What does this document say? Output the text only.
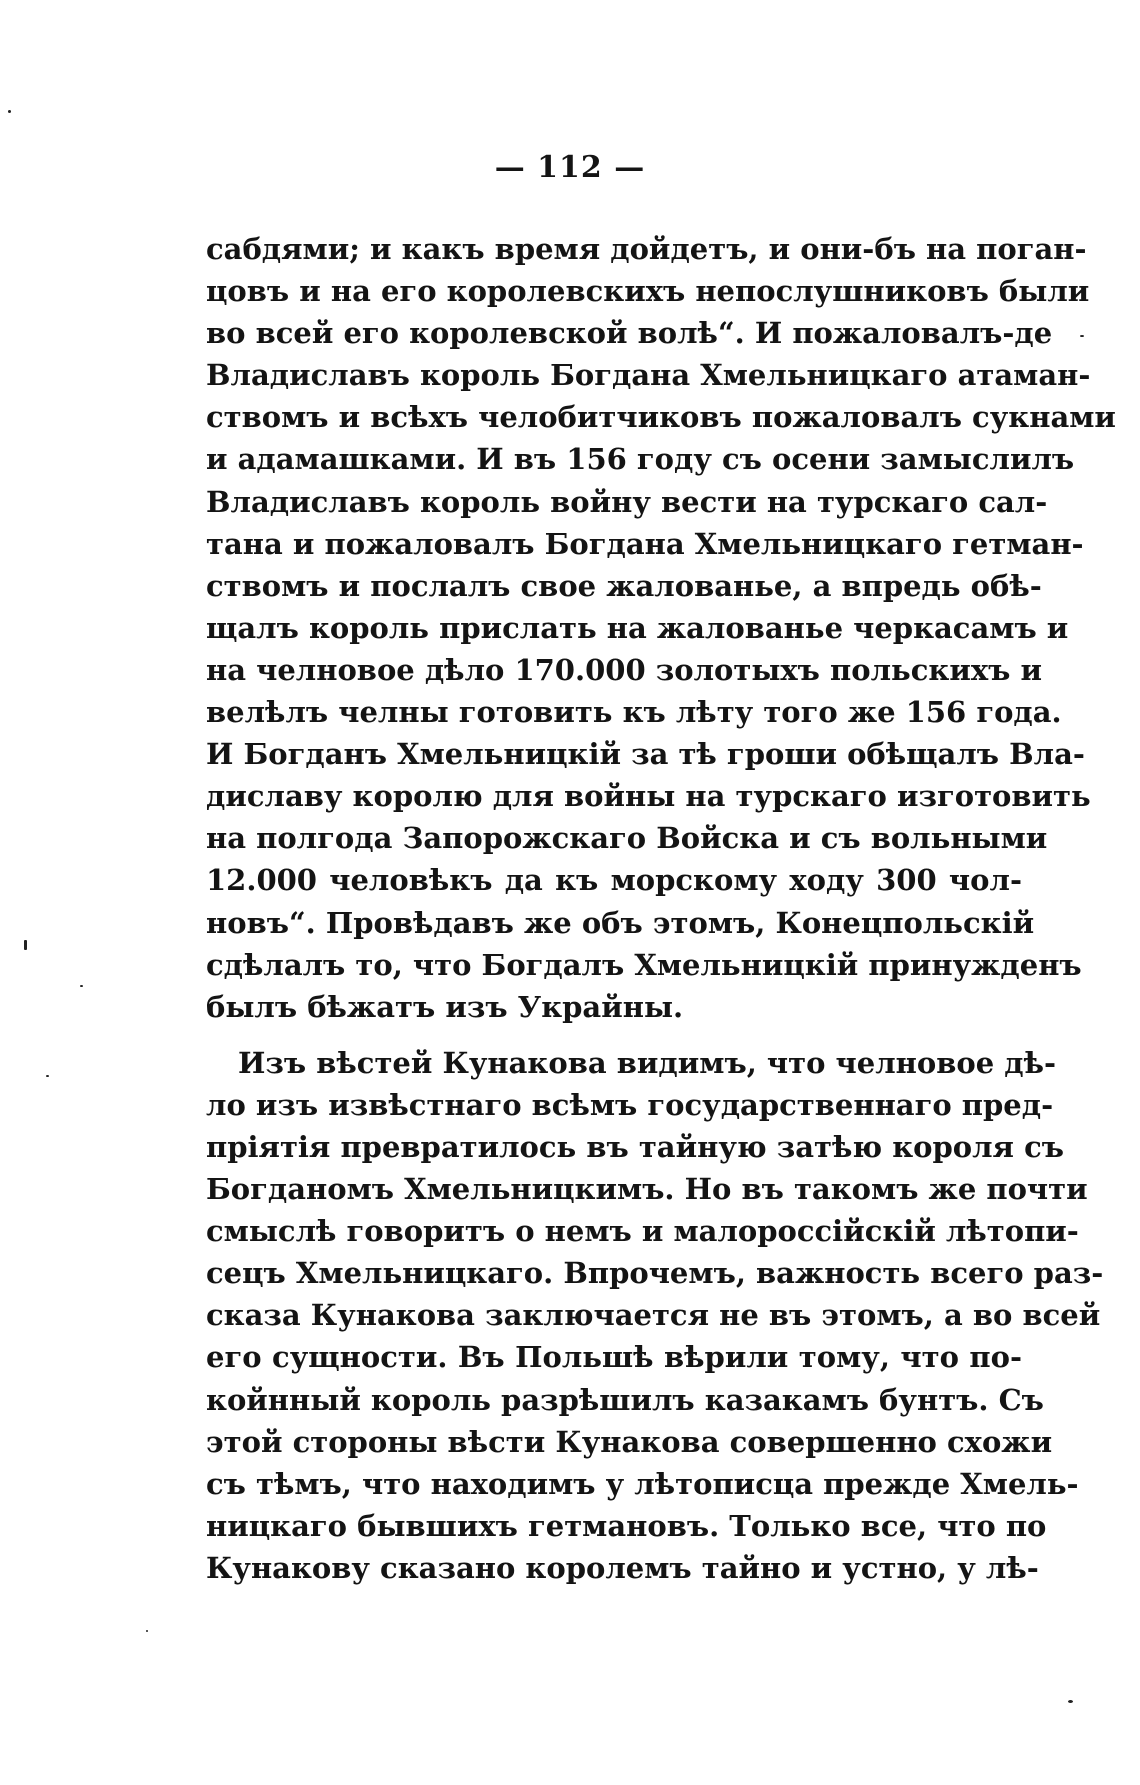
— 112 —
сабдями; и какъ время дойдетъ, и они-бъ на поган-
цовъ и на его королевскихъ непослушниковъ были
во всей его королевской волѣ“. И пожаловалъ-де
Владиславъ король Богдана Хмельницкаго атаман-
ствомъ и всѣхъ челобитчиковъ пожаловалъ сукнами
и адамашками. И въ 156 году съ осени замыслилъ
Владиславъ король войну вести на турскаго сал-
тана и пожаловалъ Богдана Хмельницкаго гетман-
ствомъ и послалъ свое жалованье, а впредь обѣ-
щалъ король прислать на жалованье черкасамъ и
на челновое дѣло 170.000 золотыхъ польскихъ и
велѣлъ челны готовить къ лѣту того же 156 года.
И Богданъ Хмельницкій за тѣ гроши обѣщалъ Вла-
диславу королю для войны на турскаго изготовить
на полгода Запорожскаго Войска и съ вольными
12.000 человѣкъ да къ морскому ходу 300 чол-
новъ“. Провѣдавъ же объ этомъ, Конецпольскій
сдѣлалъ то, что Богдалъ Хмельницкій принужденъ
былъ бѣжатъ изъ Украйны.
Изъ вѣстей Кунакова видимъ, что челновое дѣ-
ло изъ извѣстнаго всѣмъ государственнаго пред-
пріятія превратилось въ тайную затѣю короля съ
Богданомъ Хмельницкимъ. Но въ такомъ же почти
смыслѣ говоритъ о немъ и малороссійскій лѣтопи-
сецъ Хмельницкаго. Впрочемъ, важность всего раз-
сказа Кунакова заключается не въ этомъ, а во всей
его сущности. Въ Польшѣ вѣрили тому, что по-
койнный король разрѣшилъ казакамъ бунтъ. Съ
этой стороны вѣсти Кунакова совершенно схожи
съ тѣмъ, что находимъ у лѣтописца прежде Хмель-
ницкаго бывшихъ гетмановъ. Только все, что по
Кунакову сказано королемъ тайно и устно, у лѣ-
